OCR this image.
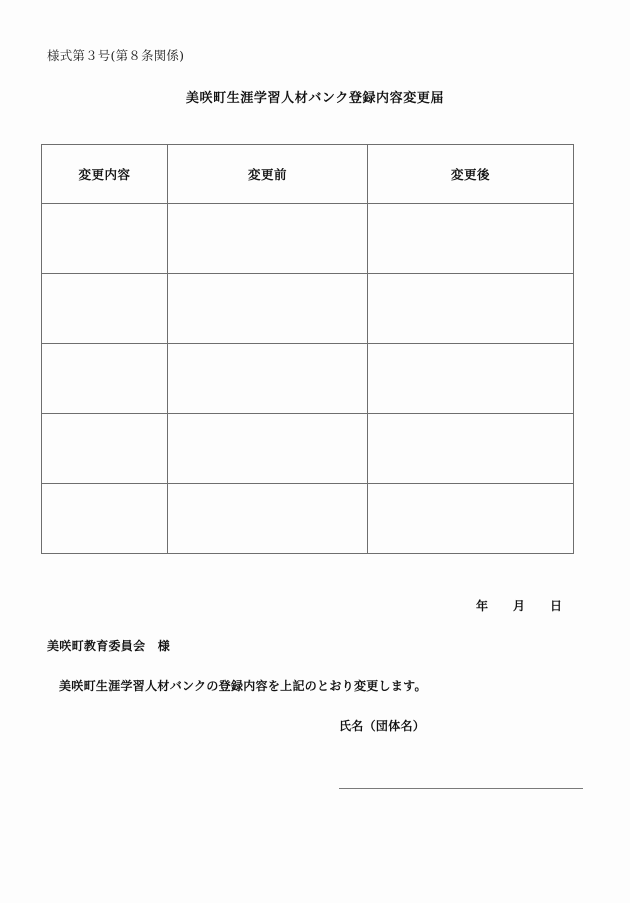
様式第３号(第８条関係)
美咲町生涯学習人材バンク登録内容変更届
変更内容	変更前	変更後

年 月 日
美咲町教育委員会　様
美咲町生涯学習人材バンクの登録内容を上記のとおり変更します。
氏名（団体名）
